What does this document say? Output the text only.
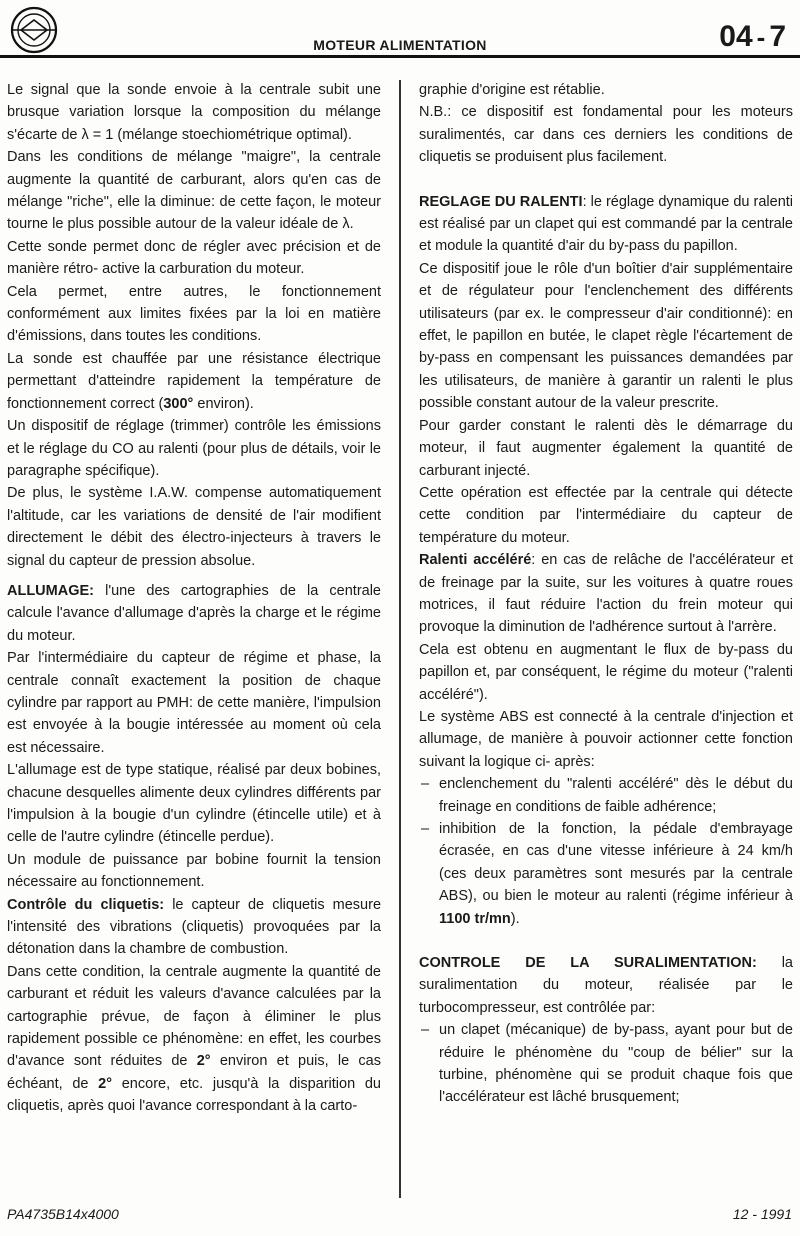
MOTEUR ALIMENTATION	04 - 7

Le signal que la sonde envoie à la centrale subit une brusque variation lorsque la composition du mélange s'écarte de λ = 1 (mélange stoechiométrique optimal).

Dans les conditions de mélange "maigre", la centrale augmente la quantité de carburant, alors qu'en cas de mélange "riche", elle la diminue: de cette façon, le moteur tourne le plus possible autour de la valeur idéale de λ.

Cette sonde permet donc de régler avec précision et de manière rétro- active la carburation du moteur.

Cela permet, entre autres, le fonctionnement conformément aux limites fixées par la loi en matière d'émissions, dans toutes les conditions.

La sonde est chauffée par une résistance électrique permettant d'atteindre rapidement la température de fonctionnement correct (300° environ).

Un dispositif de réglage (trimmer) contrôle les émissions et le réglage du CO au ralenti (pour plus de détails, voir le paragraphe spécifique).

De plus, le système I.A.W. compense automatiquement l'altitude, car les variations de densité de l'air modifient directement le débit des électro-injecteurs à travers le signal du capteur de pression absolue.

ALLUMAGE: l'une des cartographies de la centrale calcule l'avance d'allumage d'après la charge et le régime du moteur.

Par l'intermédiaire du capteur de régime et phase, la centrale connaît exactement la position de chaque cylindre par rapport au PMH: de cette manière, l'impulsion est envoyée à la bougie intéressée au moment où cela est nécessaire.

L'allumage est de type statique, réalisé par deux bobines, chacune desquelles alimente deux cylindres différents par l'impulsion à la bougie d'un cylindre (étincelle utile) et à celle de l'autre cylindre (étincelle perdue).

Un module de puissance par bobine fournit la tension nécessaire au fonctionnement.

Contrôle du cliquetis: le capteur de cliquetis mesure l'intensité des vibrations (cliquetis) provoquées par la détonation dans la chambre de combustion.

Dans cette condition, la centrale augmente la quantité de carburant et réduit les valeurs d'avance calculées par la cartographie prévue, de façon à éliminer le plus rapidement possible ce phénomène: en effet, les courbes d'avance sont réduites de 2° environ et puis, le cas échéant, de 2° encore, etc. jusqu'à la disparition du cliquetis, après quoi l'avance correspondant à la carto-

graphie d'origine est rétablie.

N.B.: ce dispositif est fondamental pour les moteurs suralimentés, car dans ces derniers les conditions de cliquetis se produisent plus facilement.

REGLAGE DU RALENTI: le réglage dynamique du ralenti est réalisé par un clapet qui est commandé par la centrale et module la quantité d'air du by-pass du papillon.

Ce dispositif joue le rôle d'un boîtier d'air supplémentaire et de régulateur pour l'enclenchement des différents utilisateurs (par ex. le compresseur d'air conditionné): en effet, le papillon en butée, le clapet règle l'écartement de by-pass en compensant les puissances demandées par les utilisateurs, de manière à garantir un ralenti le plus possible constant autour de la valeur prescrite.

Pour garder constant le ralenti dès le démarrage du moteur, il faut augmenter également la quantité de carburant injecté.

Cette opération est effectée par la centrale qui détecte cette condition par l'intermédiaire du capteur de température du moteur.

Ralenti accéléré: en cas de relâche de l'accélérateur et de freinage par la suite, sur les voitures à quatre roues motrices, il faut réduire l'action du frein moteur qui provoque la diminution de l'adhérence surtout à l'arrère.

Cela est obtenu en augmentant le flux de by-pass du papillon et, par conséquent, le régime du moteur ("ralenti accéléré").

Le système ABS est connecté à la centrale d'injection et allumage, de manière à pouvoir actionner cette fonction suivant la logique ci- après:

– enclenchement du "ralenti accéléré" dès le début du freinage en conditions de faible adhérence;
– inhibition de la fonction, la pédale d'embrayage écrasée, en cas d'une vitesse inférieure à 24 km/h (ces deux paramètres sont mesurés par la centrale ABS), ou bien le moteur au ralenti (régime inférieur à 1100 tr/mn).

CONTROLE DE LA SURALIMENTATION: la suralimentation du moteur, réalisée par le turbocompresseur, est contrôlée par:

– un clapet (mécanique) de by-pass, ayant pour but de réduire le phénomène du "coup de bélier" sur la turbine, phénomène qui se produit chaque fois que l'accélérateur est lâché brusquement;
PA4735B14x4000	12 - 1991
